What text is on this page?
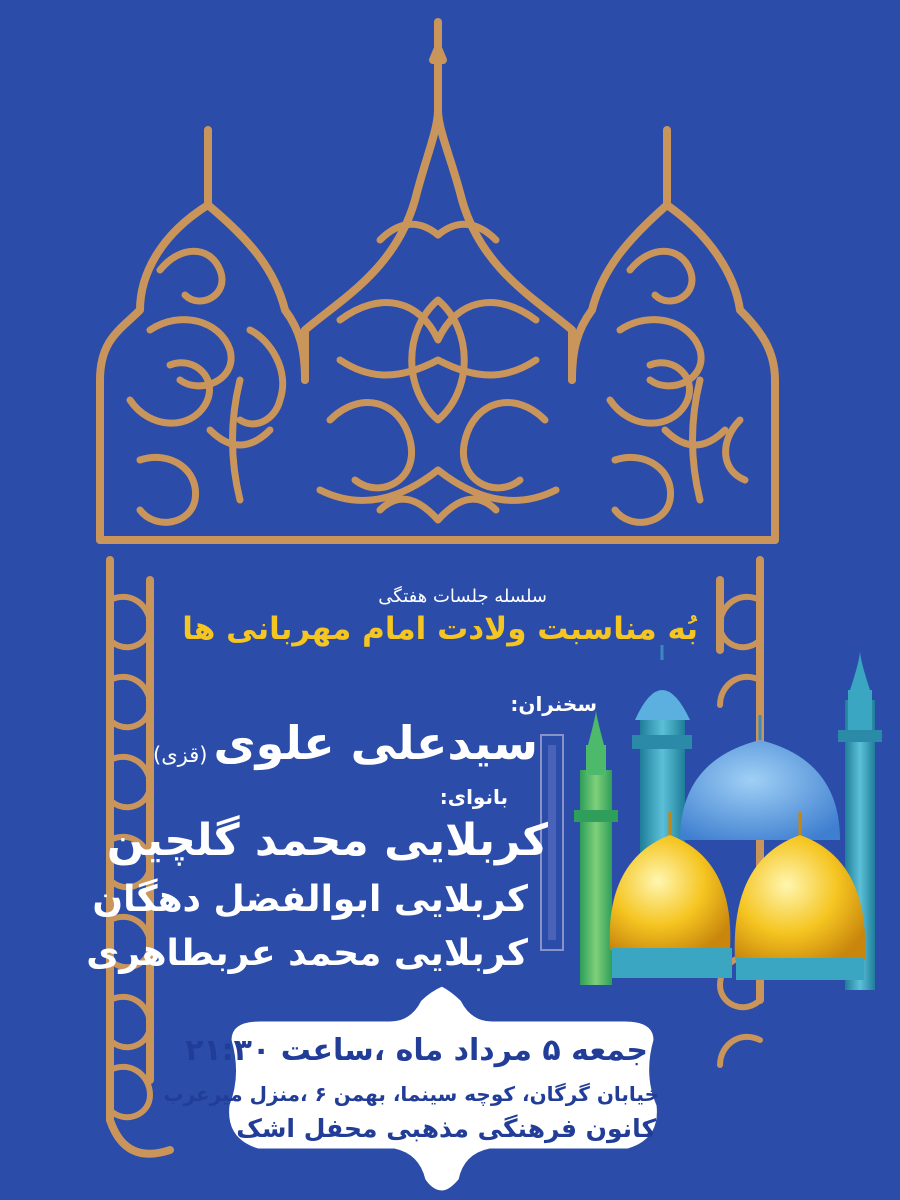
سلسله جلسات هفتگی
بُه مناسبت ولادت امام مهربانی ها
سخنران:
سیدعلی علوی(قزی)
بانوای:
کربلایی محمد گلچین
کربلایی ابوالفضل دهگان
کربلایی محمد عربطاهری
جمعه ۵ مرداد ماه ،ساعت ۲۱:۳۰
خیابان گرگان، کوچه سینما، بهمن ۶ ،منزل میرعرب
کانون فرهنگی مذهبی محفل اشک
